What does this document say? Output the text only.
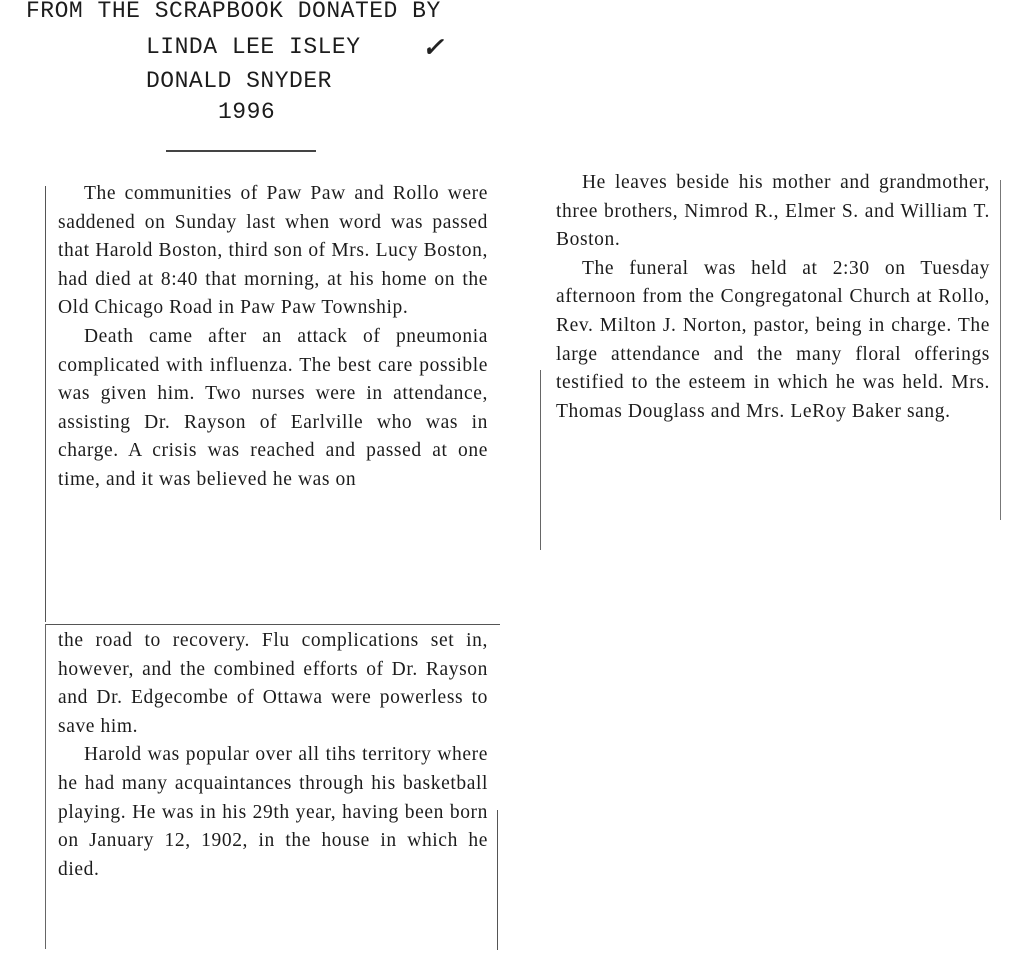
FROM THE SCRAPBOOK DONATED BY
LINDA LEE ISLEY ✓
DONALD SNYDER
1996

The communities of Paw Paw and Rollo were saddened on Sunday last when word was passed that Harold Boston, third son of Mrs. Lucy Boston, had died at 8:40 that morning, at his home on the Old Chicago Road in Paw Paw Township.

Death came after an attack of pneumonia complicated with influenza. The best care possible was given him. Two nurses were in attendance, assisting Dr. Rayson of Earlville who was in charge. A crisis was reached and passed at one time, and it was believed he was on

the road to recovery. Flu complications set in, however, and the combined efforts of Dr. Rayson and Dr. Edgecombe of Ottawa were powerless to save him.

Harold was popular over all tihs territory where he had many acquaintances through his basketball playing. He was in his 29th year, having been born on January 12, 1902, in the house in which he died.

He leaves beside his mother and grandmother, three brothers, Nimrod R., Elmer S. and William T. Boston.

The funeral was held at 2:30 on Tuesday afternoon from the Congregatonal Church at Rollo, Rev. Milton J. Norton, pastor, being in charge. The large attendance and the many floral offerings testified to the esteem in which he was held. Mrs. Thomas Douglass and Mrs. LeRoy Baker sang.
